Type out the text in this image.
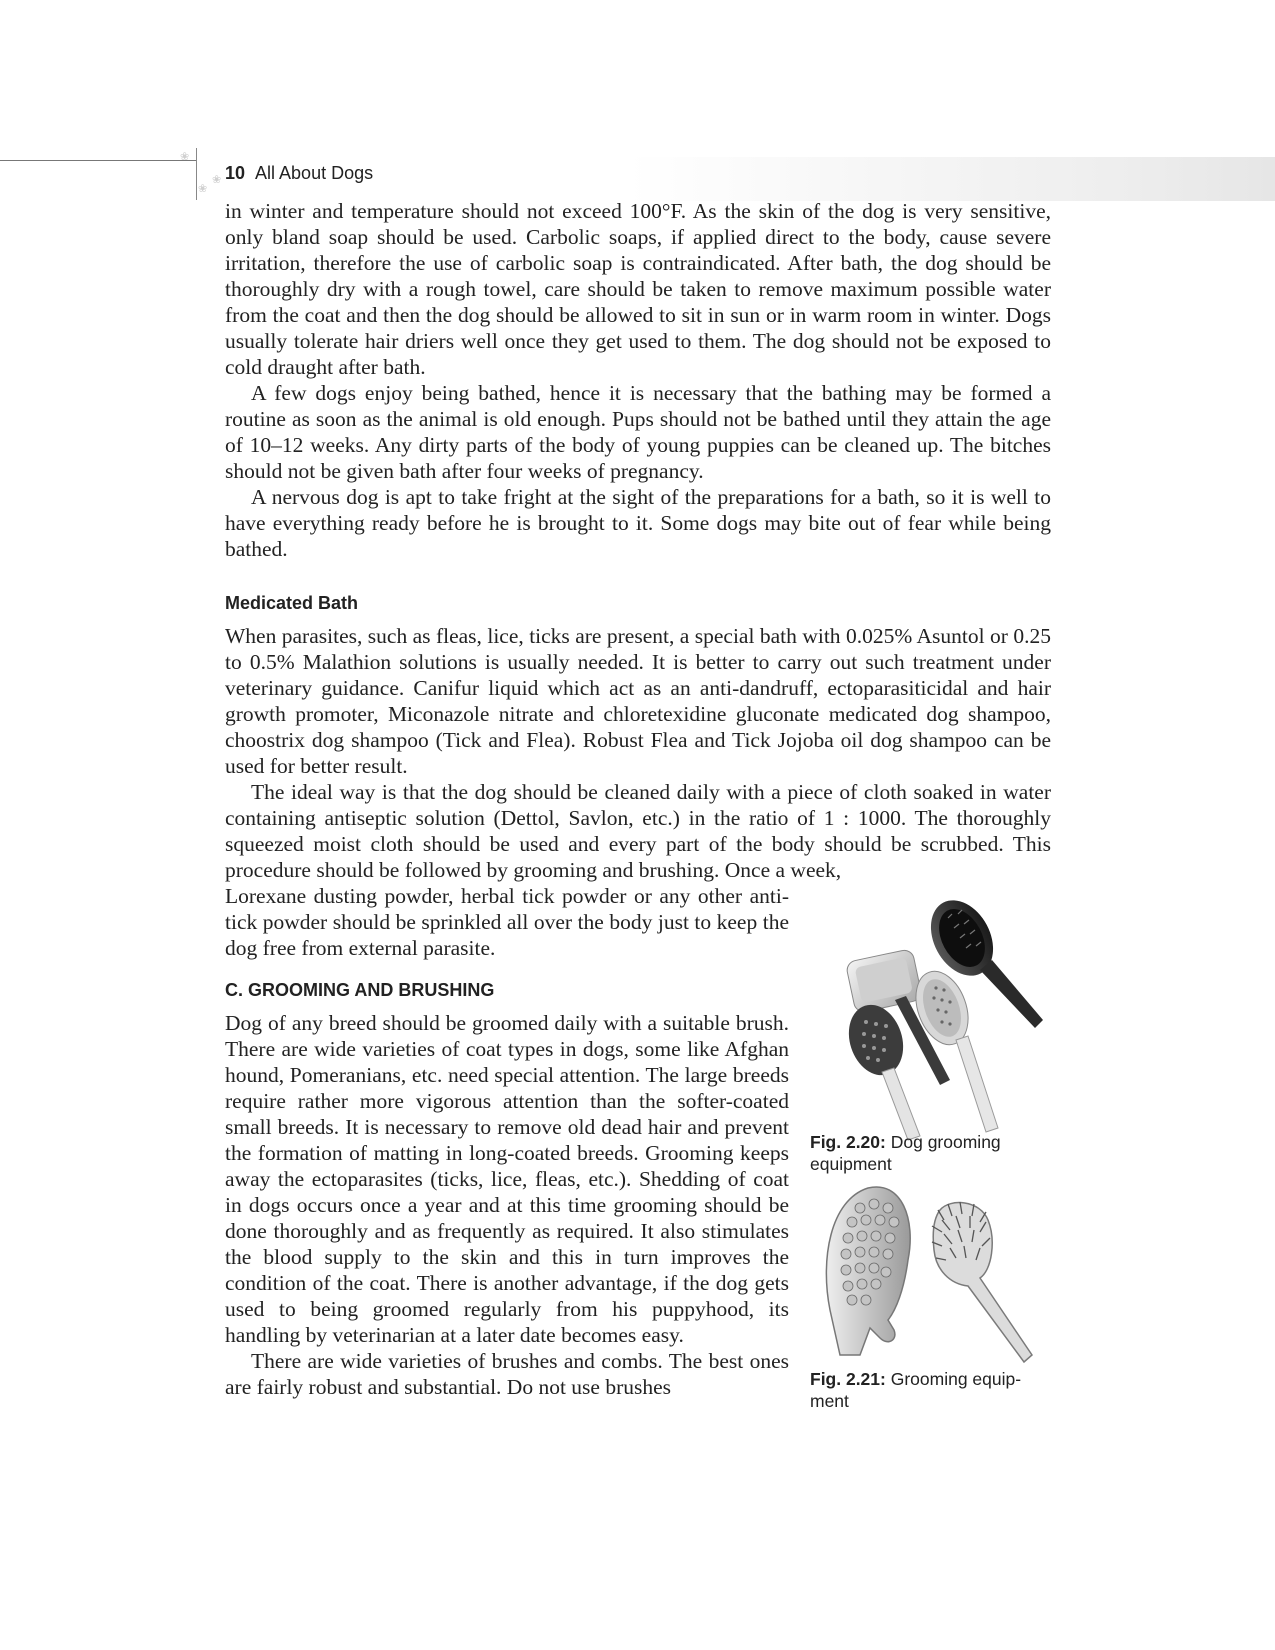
❀
❀
❀ 10 All About Dogs

in winter and temperature should not exceed 100°F. As the skin of the dog is very sensitive, only bland soap should be used. Carbolic soaps, if applied direct to the body, cause severe irritation, therefore the use of carbolic soap is contraindicated. After bath, the dog should be thoroughly dry with a rough towel, care should be taken to remove maximum possible water from the coat and then the dog should be allowed to sit in sun or in warm room in winter. Dogs usually tolerate hair driers well once they get used to them. The dog should not be exposed to cold draught after bath.

A few dogs enjoy being bathed, hence it is necessary that the bathing may be formed a routine as soon as the animal is old enough. Pups should not be bathed until they attain the age of 10–12 weeks. Any dirty parts of the body of young puppies can be cleaned up. The bitches should not be given bath after four weeks of pregnancy.

A nervous dog is apt to take fright at the sight of the preparations for a bath, so it is well to have everything ready before he is brought to it. Some dogs may bite out of fear while being bathed.

Medicated Bath

When parasites, such as fleas, lice, ticks are present, a special bath with 0.025% Asuntol or 0.25 to 0.5% Malathion solutions is usually needed. It is better to carry out such treatment under veterinary guidance. Canifur liquid which act as an anti-dandruff, ectoparasiticidal and hair growth promoter, Miconazole nitrate and chloretexidine gluconate medicated dog shampoo, choostrix dog shampoo (Tick and Flea). Robust Flea and Tick Jojoba oil dog shampoo can be used for better result.

The ideal way is that the dog should be cleaned daily with a piece of cloth soaked in water containing antiseptic solution (Dettol, Savlon, etc.) in the ratio of 1 : 1000. The thoroughly squeezed moist cloth should be used and every part of the body should be scrubbed. This procedure should be followed by grooming and brushing. Once a week,

Lorexane dusting powder, herbal tick powder or any other anti-tick powder should be sprinkled all over the body just to keep the dog free from external parasite.

C. GROOMING AND BRUSHING

Dog of any breed should be groomed daily with a suitable brush. There are wide varieties of coat types in dogs, some like Afghan hound, Pomeranians, etc. need special attention. The large breeds require rather more vigorous attention than the softer-coated small breeds. It is necessary to remove old dead hair and prevent the formation of matting in long-coated breeds. Grooming keeps away the ectoparasites (ticks, lice, fleas, etc.). Shedding of coat in dogs occurs once a year and at this time grooming should be done thoroughly and as frequently as required. It also stimulates the blood supply to the skin and this in turn improves the condition of the coat. There is another advantage, if the dog gets used to being groomed regularly from his puppyhood, its handling by veterinarian at a later date becomes easy.

There are wide varieties of brushes and combs. The best ones are fairly robust and substantial. Do not use brushes

Fig. 2.20: Dog grooming equipment
Fig. 2.21: Grooming equip-ment
